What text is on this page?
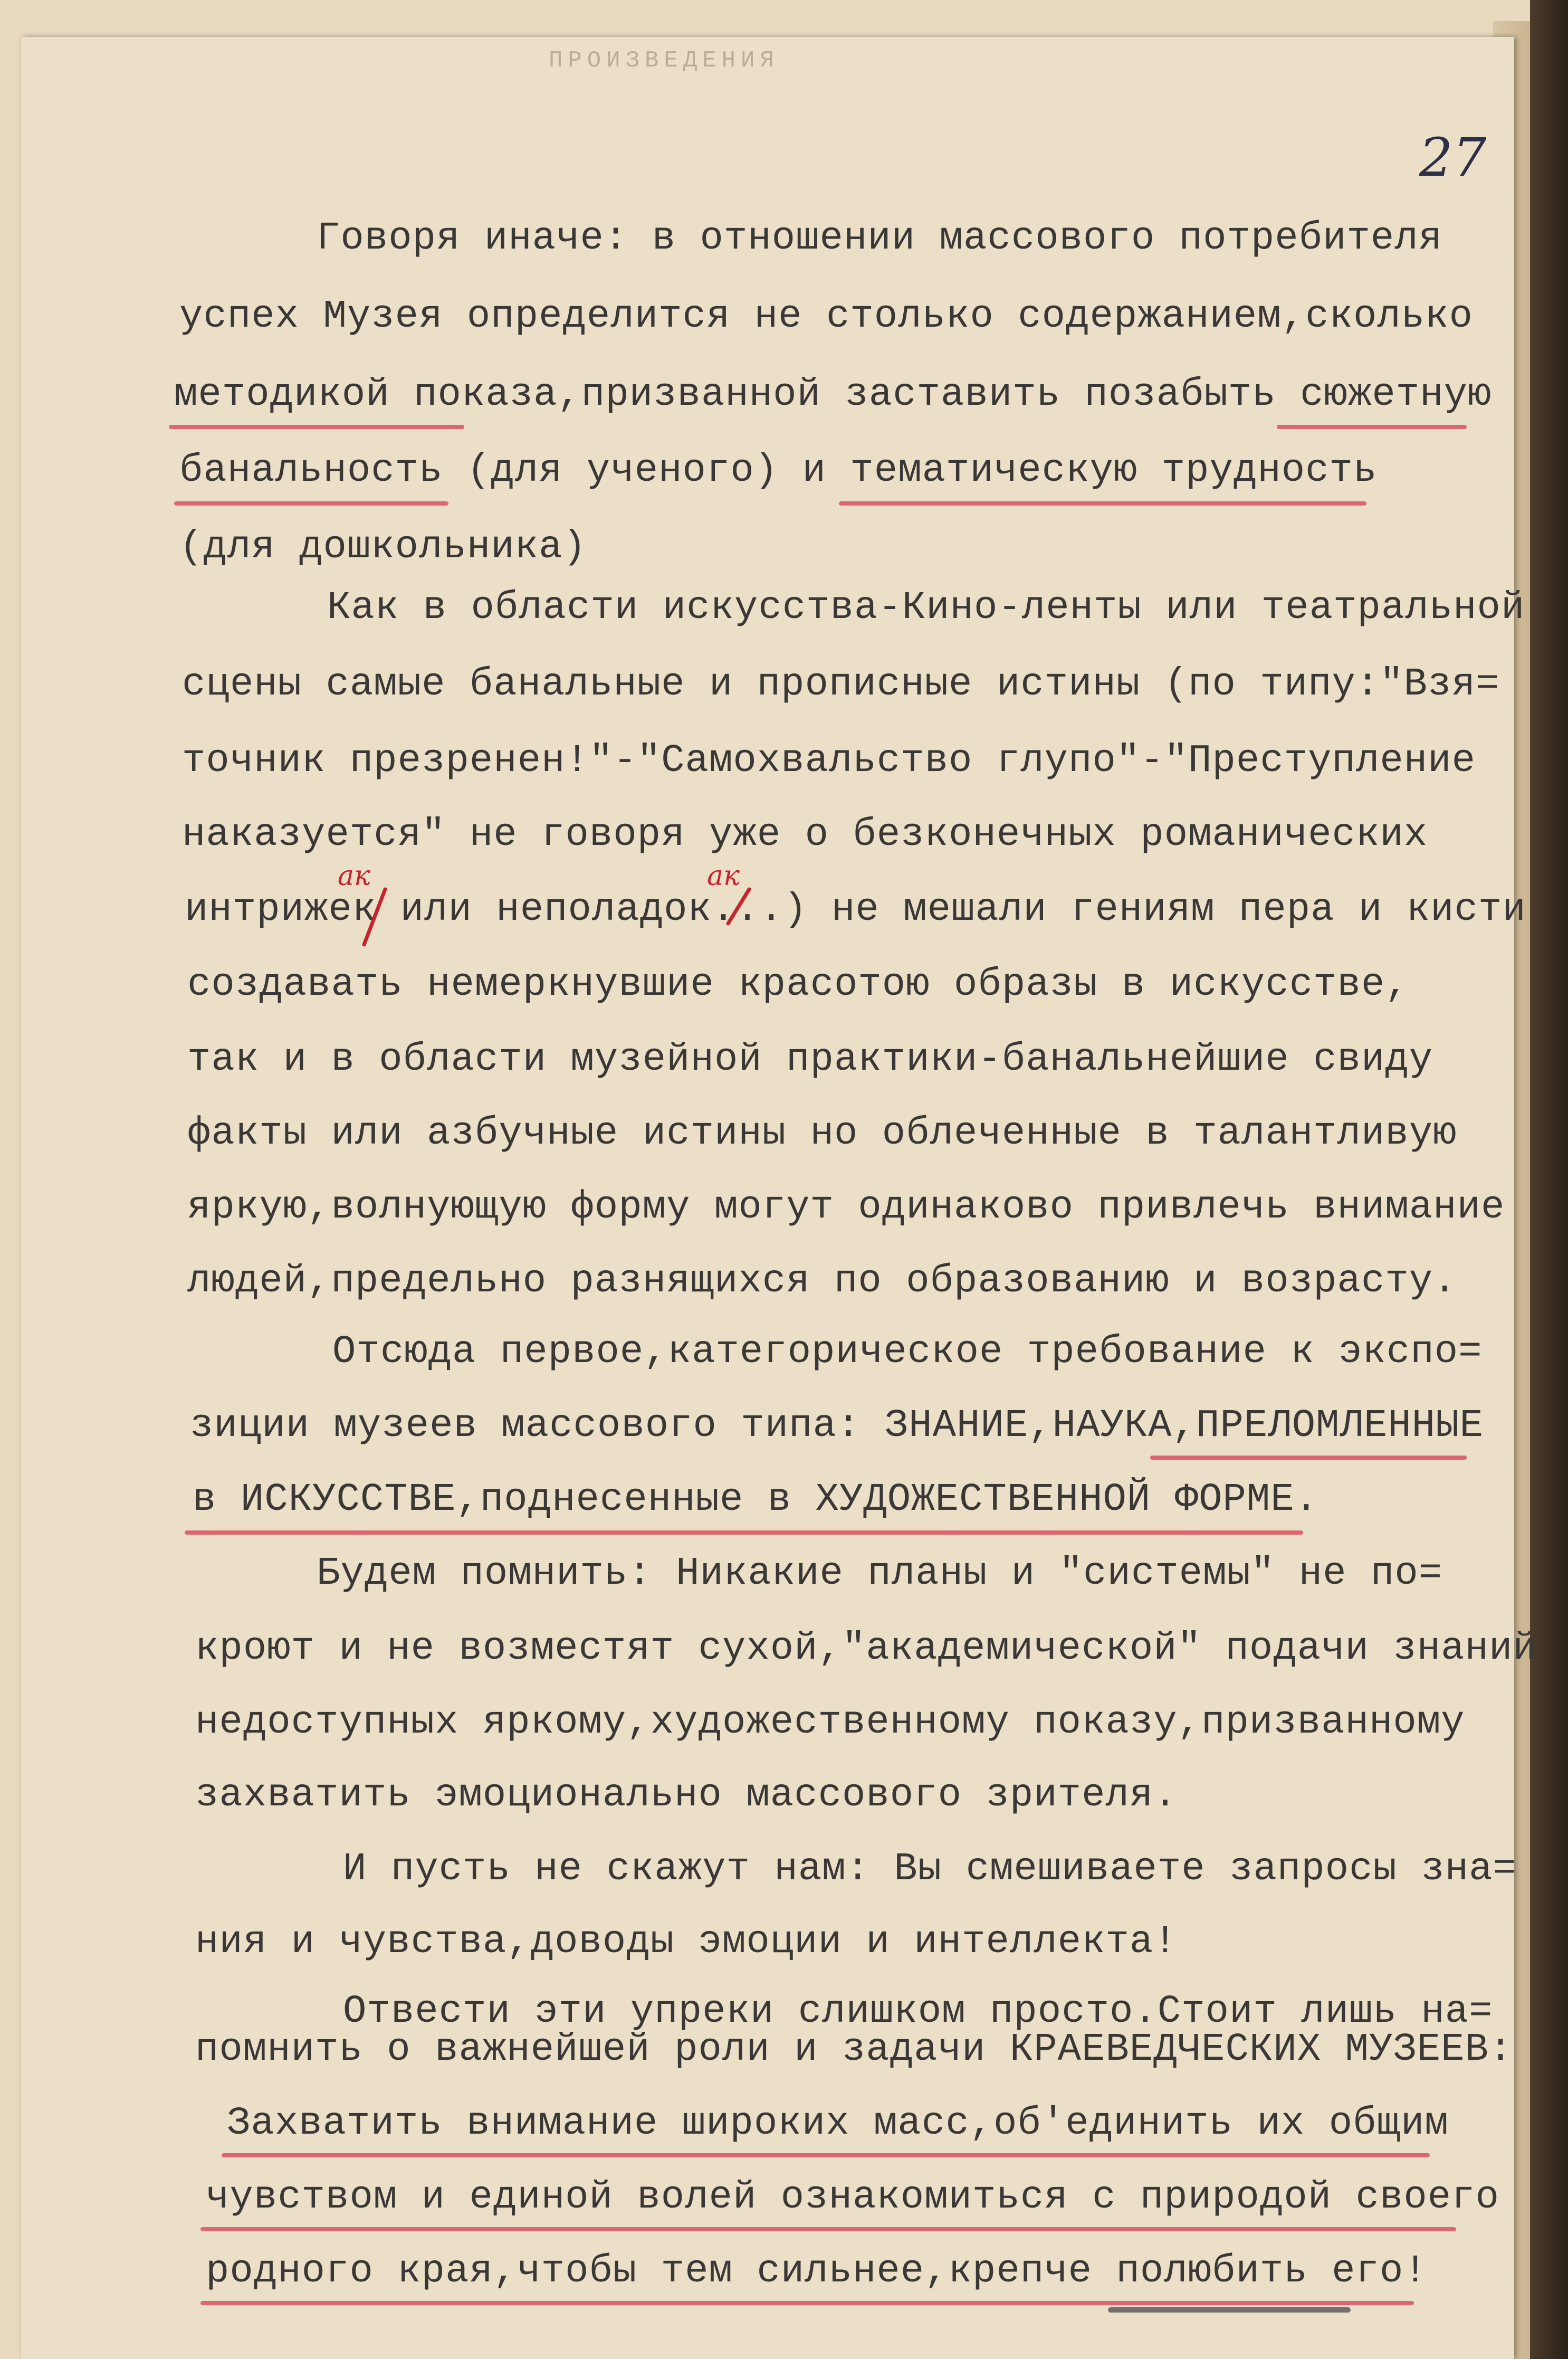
ПРОИЗВЕДЕНИЯ
27
Говоря иначе: в отношении массового потребителя
успех Музея определится не столько содержанием,сколько
методикой показа,призванной заставить позабыть сюжетную
банальность (для ученого) и тематическую трудность
(для дошкольника)
Как в области искусства-Кино-ленты или театральной
сцены самые банальные и прописные истины (по типу:"Взя=
точник презренен!"-"Самохвальство глупо"-"Преступление
наказуется" не говоря уже о безконечных романических
интрижек или неполадок...) не мешали гениям пера и кисти
создавать немеркнувшие красотою образы в искусстве,
так и в области музейной практики-банальнейшие свиду
факты или азбучные истины но облеченные в талантливую
яркую,волнующую форму могут одинаково привлечь внимание
людей,предельно разнящихся по образованию и возрасту.
Отсюда первое,категорическое требование к экспо=
зиции музеев массового типа: ЗНАНИЕ,НАУКА,ПРЕЛОМЛЕННЫЕ
в ИСКУССТВЕ,поднесенные в ХУДОЖЕСТВЕННОЙ ФОРМЕ.
Будем помнить: Никакие планы и "системы" не по=
кроют и не возместят сухой,"академической" подачи знаний
недоступных яркому,художественному показу,призванному
захватить эмоционально массового зрителя.
И пусть не скажут нам: Вы смешиваете запросы зна=
ния и чувства,доводы эмоции и интеллекта!
Отвести эти упреки слишком просто.Стоит лишь на=
помнить о важнейшей роли и задачи КРАЕВЕДЧЕСКИХ МУЗЕЕВ:
Захватить внимание широких масс,об'единить их общим
чувством и единой волей ознакомиться с природой своего
родного края,чтобы тем сильнее,крепче полюбить его!
ак	ак
